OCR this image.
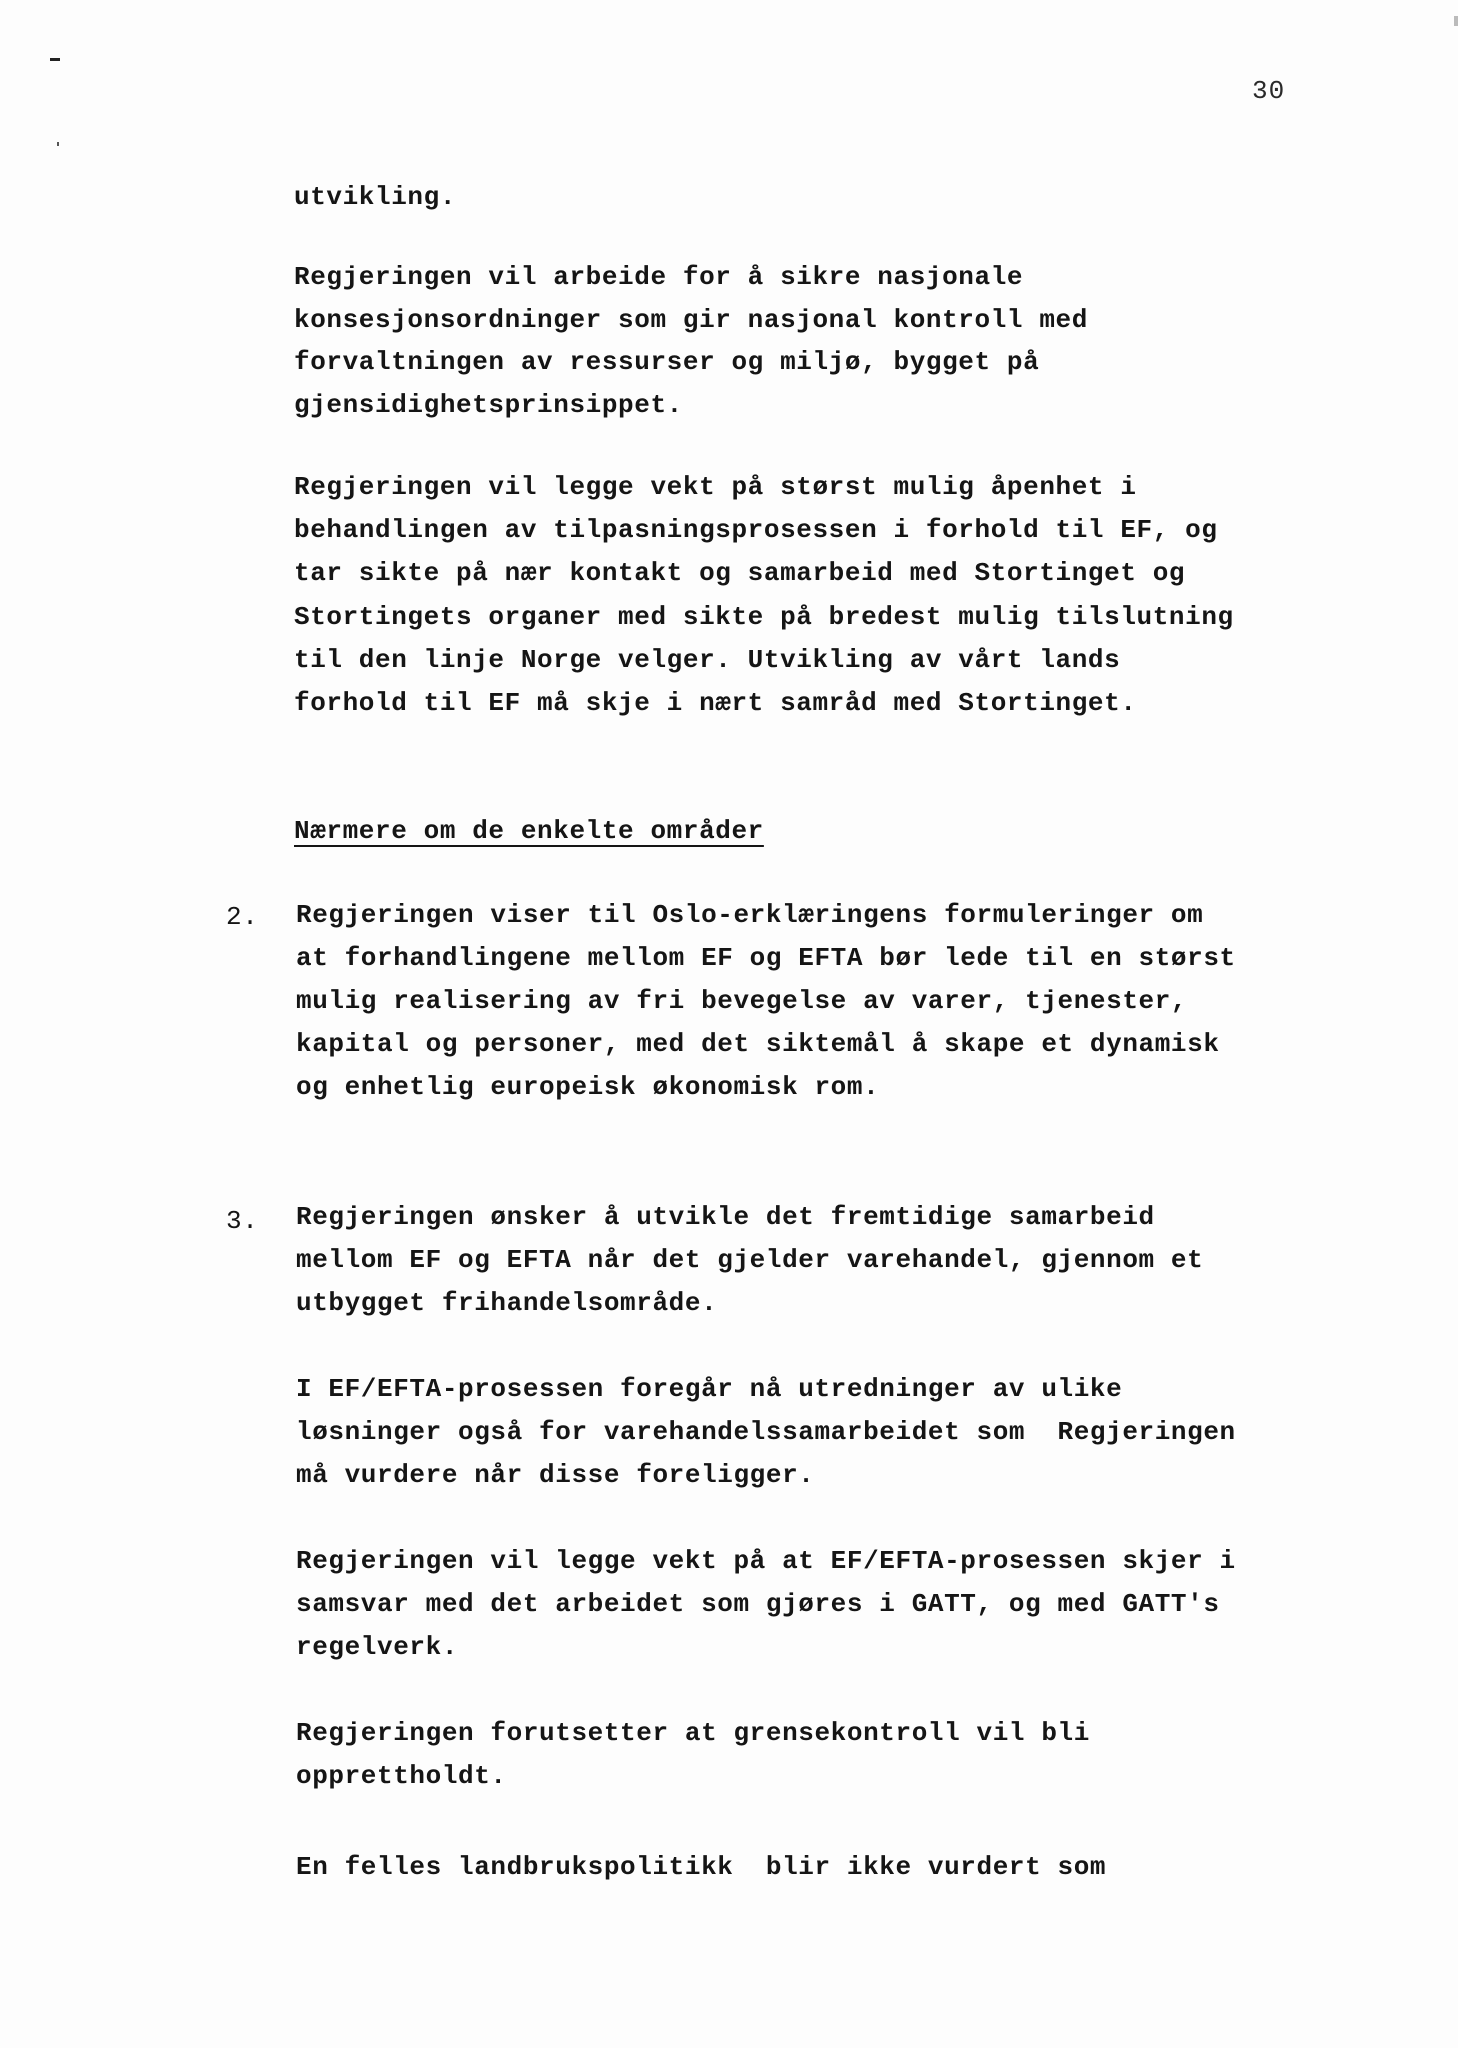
30
utvikling.
Regjeringen vil arbeide for å sikre nasjonale
konsesjonsordninger som gir nasjonal kontroll med
forvaltningen av ressurser og miljø, bygget på
gjensidighetsprinsippet.
Regjeringen vil legge vekt på størst mulig åpenhet i
behandlingen av tilpasningsprosessen i forhold til EF, og
tar sikte på nær kontakt og samarbeid med Stortinget og
Stortingets organer med sikte på bredest mulig tilslutning
til den linje Norge velger. Utvikling av vårt lands
forhold til EF må skje i nært samråd med Stortinget.
Nærmere om de enkelte områder
2. Regjeringen viser til Oslo-erklæringens formuleringer om
at forhandlingene mellom EF og EFTA bør lede til en størst
mulig realisering av fri bevegelse av varer, tjenester,
kapital og personer, med det siktemål å skape et dynamisk
og enhetlig europeisk økonomisk rom.
3. Regjeringen ønsker å utvikle det fremtidige samarbeid
mellom EF og EFTA når det gjelder varehandel, gjennom et
utbygget frihandelsområde.
I EF/EFTA-prosessen foregår nå utredninger av ulike
løsninger også for varehandelssamarbeidet som  Regjeringen
må vurdere når disse foreligger.
Regjeringen vil legge vekt på at EF/EFTA-prosessen skjer i
samsvar med det arbeidet som gjøres i GATT, og med GATT's
regelverk.
Regjeringen forutsetter at grensekontroll vil bli
opprettholdt.
En felles landbrukspolitikk  blir ikke vurdert som
